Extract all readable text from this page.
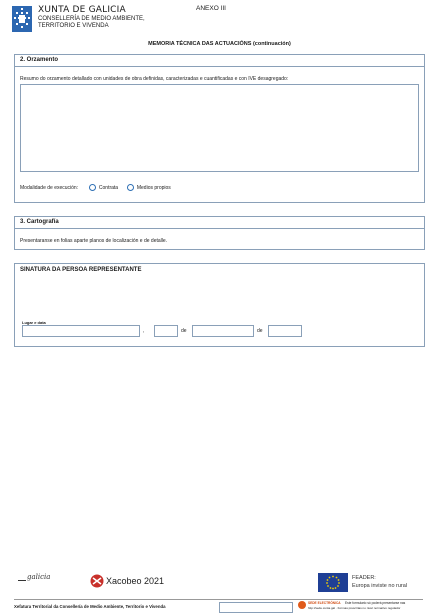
XUNTA DE GALICIA
CONSELLERÍA DE MEDIO AMBIENTE,
TERRITORIO E VIVENDA
ANEXO III
MEMORIA TÉCNICA DAS ACTUACIÓNS (continuación)
2. Orzamento
Resumo do orzamento detallado con unidades de obra definidas, caracterizadas e cuantificadas e con IVE desagregado:
Modalidade de execución:	Contrata	Medios propios
3. Cartografía
Presentaranse en folias aparte planos de localización e de detalle.
SINATURA DA PERSOA REPRESENTANTE
Lugar e data
,	de	de
galicia	Xacobeo 2021	FEADER:
Europa inviste no rural
Xefatura Territorial da Consellería de Medio Ambiente, Territorio e Vivenda
SEDE ELECTRÓNICA Este formulario só poderá presentarse nas
http://sede.xunta.gal · Formas prescritas no nivel normativo regulador
